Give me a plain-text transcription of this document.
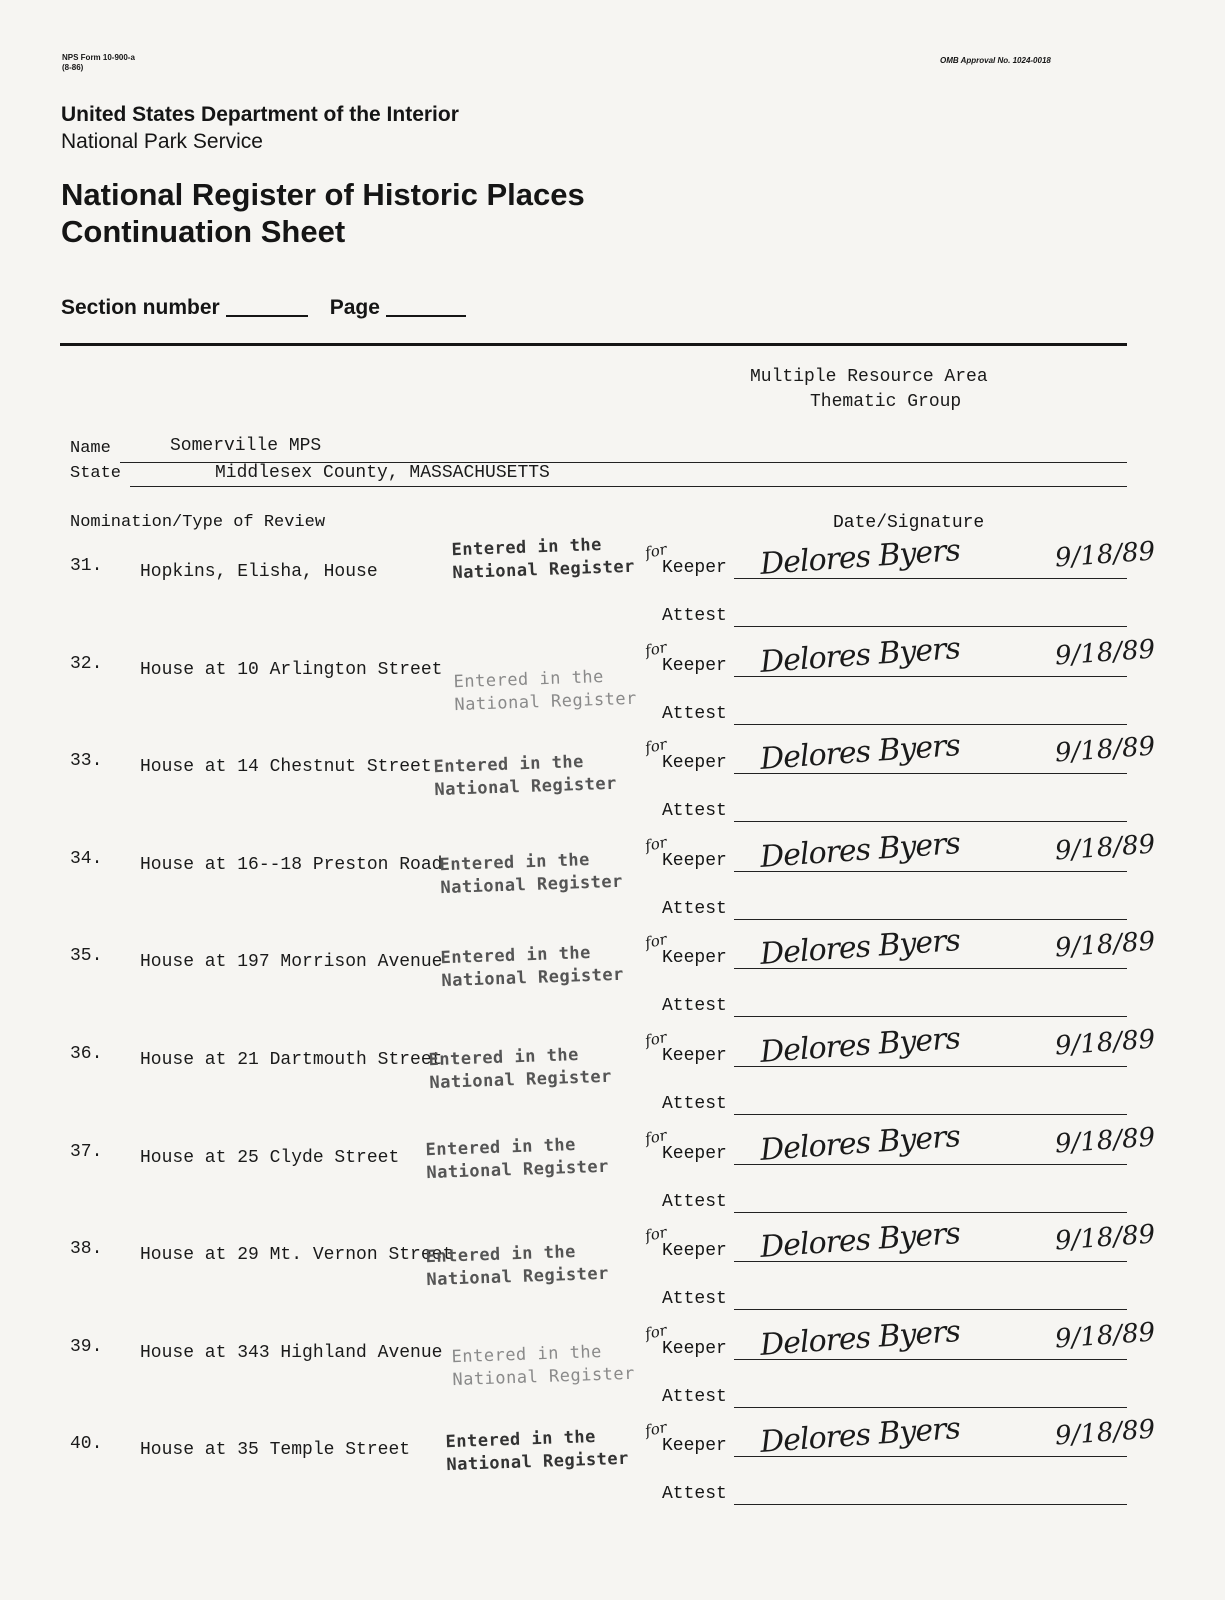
NPS Form 10-900-a
(8-86)
OMB Approval No. 1024-0018
United States Department of the Interior
National Park Service
National Register of Historic Places
Continuation Sheet
Section number	Page
Multiple Resource Area
Thematic Group
Name	Somerville MPS
State	Middlesex County, MASSACHUSETTS
Nomination/Type of Review	Date/Signature
31. Hopkins, Elisha, House
Entered in the
National Register
for
Keeper Delores Byers	9/18/89
Attest
32. House at 10 Arlington Street Entered in the
National Register
for
Keeper Delores Byers	9/18/89
Attest
33. House at 14 Chestnut Street Entered in the
National Register
for
Keeper Delores Byers	9/18/89
Attest
34. House at 16--18 Preston Road
Entered in the
National Register
for
Keeper Delores Byers	9/18/89
Attest
35. House at 197 Morrison Avenue
Entered in the
National Register
for
Keeper Delores Byers	9/18/89
Attest
36. House at 21 Dartmouth Street
Entered in the
National Register
for
Keeper Delores Byers	9/18/89
Attest
37. House at 25 Clyde Street Entered in the
National Register
for
Keeper Delores Byers	9/18/89
Attest
38. House at 29 Mt. Vernon Street
Entered in the
National Register
for
Keeper Delores Byers	9/18/89
Attest
39. House at 343 Highland Avenue Entered in the
National Register
for
Keeper Delores Byers	9/18/89
Attest
40. House at 35 Temple Street Entered in the
National Register
for
Keeper Delores Byers	9/18/89
Attest
